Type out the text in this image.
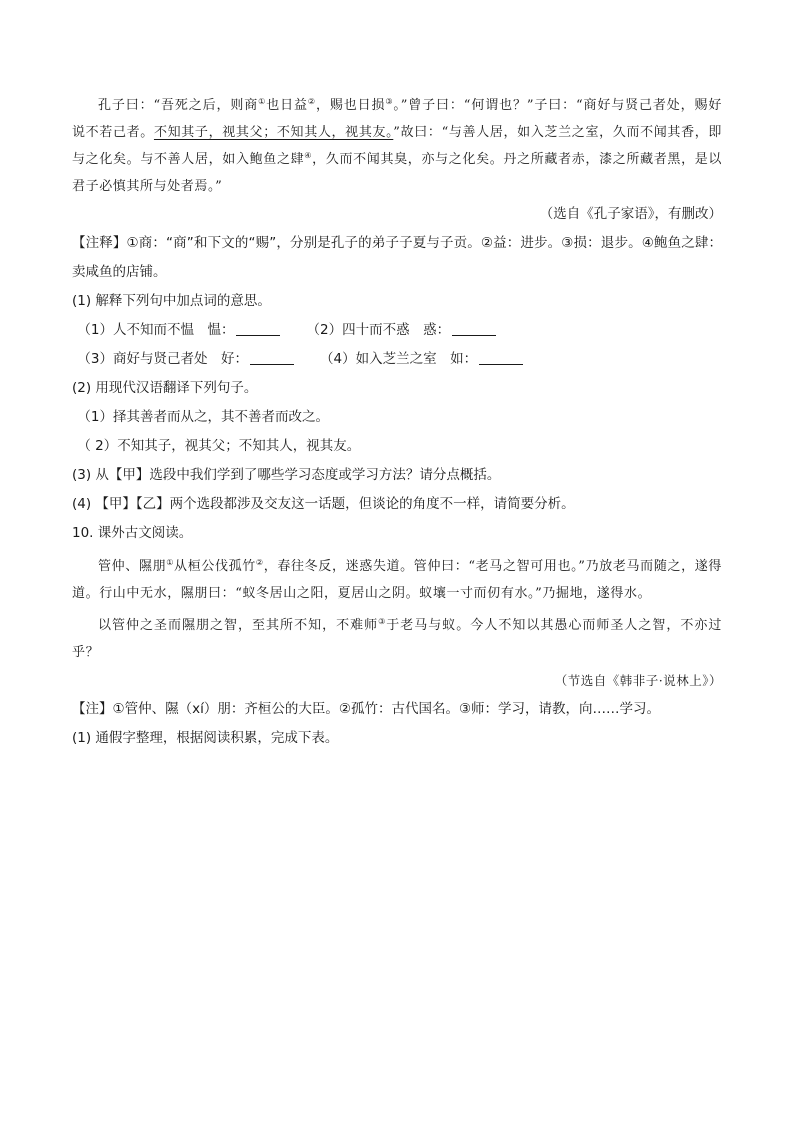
孔子曰：“吾死之后，则商①也日益②，赐也日损③。”曾子曰：“何谓也？”子曰：“商好与贤己者处，赐好说不若己者。不知其子，视其父；不知其人，视其友。”故曰：“与善人居，如入芝兰之室，久而不闻其香，即与之化矣。与不善人居，如入鲍鱼之肆④，久而不闻其臭，亦与之化矣。丹之所藏者赤，漆之所藏者黑，是以君子必慎其所与处者焉。”

（选自《孔子家语》，有删改）

【注释】①商：“商”和下文的“赐”，分别是孔子的弟子子夏与子贡。②益：进步。③损：退步。④鲍鱼之肆：卖咸鱼的店铺。

(1) 解释下列句中加点词的意思。

（1）人不知而不愠　愠：	（2）四十而不惑　惑：

（3）商好与贤己者处　好：	（4）如入芝兰之室　如：

(2) 用现代汉语翻译下列句子。

（1）择其善者而从之，其不善者而改之。

（ 2）不知其子，视其父；不知其人，视其友。

(3) 从【甲】选段中我们学到了哪些学习态度或学习方法？请分点概括。

(4) 【甲】【乙】两个选段都涉及交友这一话题，但谈论的角度不一样，请简要分析。

10. 课外古文阅读。

管仲、隰朋①从桓公伐孤竹②，春往冬反，迷惑失道。管仲曰：“老马之智可用也。”乃放老马而随之，遂得道。行山中无水，隰朋曰：“蚁冬居山之阳，夏居山之阴。蚁壤一寸而仞有水。”乃掘地，遂得水。

以管仲之圣而隰朋之智，至其所不知，不难师③于老马与蚁。今人不知以其愚心而师圣人之智，不亦过乎？

（节选自《韩非子·说林上》）

【注】①管仲、隰（xí）朋：齐桓公的大臣。②孤竹：古代国名。③师：学习，请教，向……学习。

(1) 通假字整理，根据阅读积累，完成下表。
